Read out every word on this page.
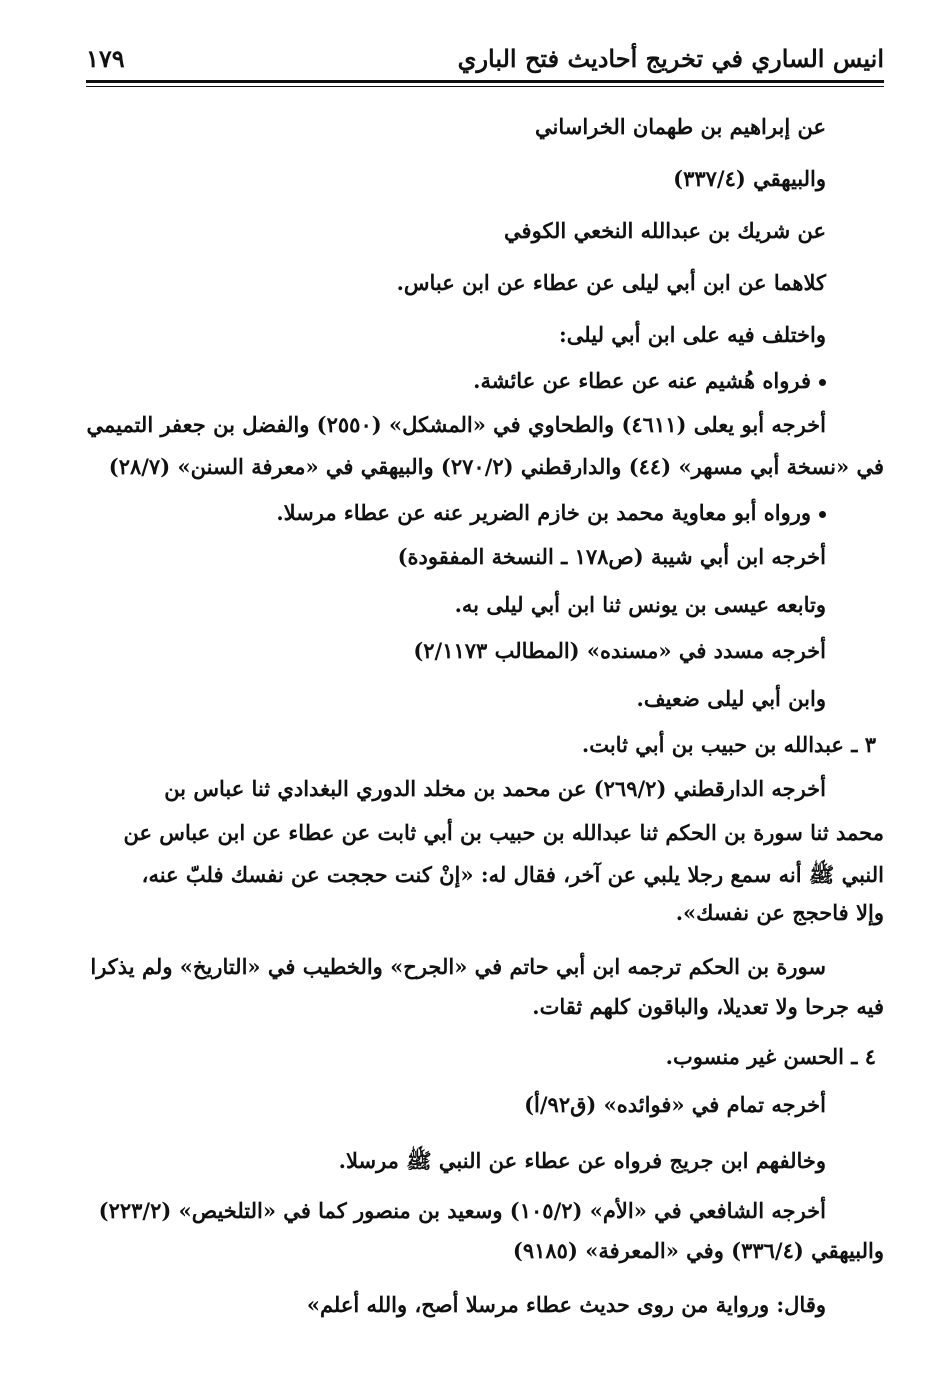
انيس الساري في تخريج أحاديث فتح الباري
١٧٩
عن إبراهيم بن طهمان الخراساني
والبيهقي (٣٣٧/٤)
عن شريك بن عبدالله النخعي الكوفي
كلاهما عن ابن أبي ليلى عن عطاء عن ابن عباس.
واختلف فيه على ابن أبي ليلى:
فرواه هُشيم عنه عن عطاء عن عائشة.
أخرجه أبو يعلى (٤٦١١) والطحاوي في «المشكل» (٢٥٥٠) والفضل بن جعفر التميمي
في «نسخة أبي مسهر» (٤٤) والدارقطني (٢٧٠/٢) والبيهقي في «معرفة السنن» (٢٨/٧)
ورواه أبو معاوية محمد بن خازم الضرير عنه عن عطاء مرسلا.
أخرجه ابن أبي شيبة (ص١٧٨ ـ النسخة المفقودة)
وتابعه عيسى بن يونس ثنا ابن أبي ليلى به.
أخرجه مسدد في «مسنده» (المطالب ٢/١١٧٣)
وابن أبي ليلى ضعيف.
٣ ـ عبدالله بن حبيب بن أبي ثابت.
أخرجه الدارقطني (٢٦٩/٢) عن محمد بن مخلد الدوري البغدادي ثنا عباس بن
محمد ثنا سورة بن الحكم ثنا عبدالله بن حبيب بن أبي ثابت عن عطاء عن ابن عباس عن
النبي ﷺ أنه سمع رجلا يلبي عن آخر، فقال له: «إنْ كنت حججت عن نفسك فلبّ عنه،
وإلا فاحجج عن نفسك».
سورة بن الحكم ترجمه ابن أبي حاتم في «الجرح» والخطيب في «التاريخ» ولم يذكرا
فيه جرحا ولا تعديلا، والباقون كلهم ثقات.
٤ ـ الحسن غير منسوب.
أخرجه تمام في «فوائده» (ق٩٢/أ)
وخالفهم ابن جريج فرواه عن عطاء عن النبي ﷺ مرسلا.
أخرجه الشافعي في «الأم» (١٠٥/٢) وسعيد بن منصور كما في «التلخيص» (٢٢٣/٢)
والبيهقي (٣٣٦/٤) وفي «المعرفة» (٩١٨٥)
وقال: ورواية من روى حديث عطاء مرسلا أصح، والله أعلم»
